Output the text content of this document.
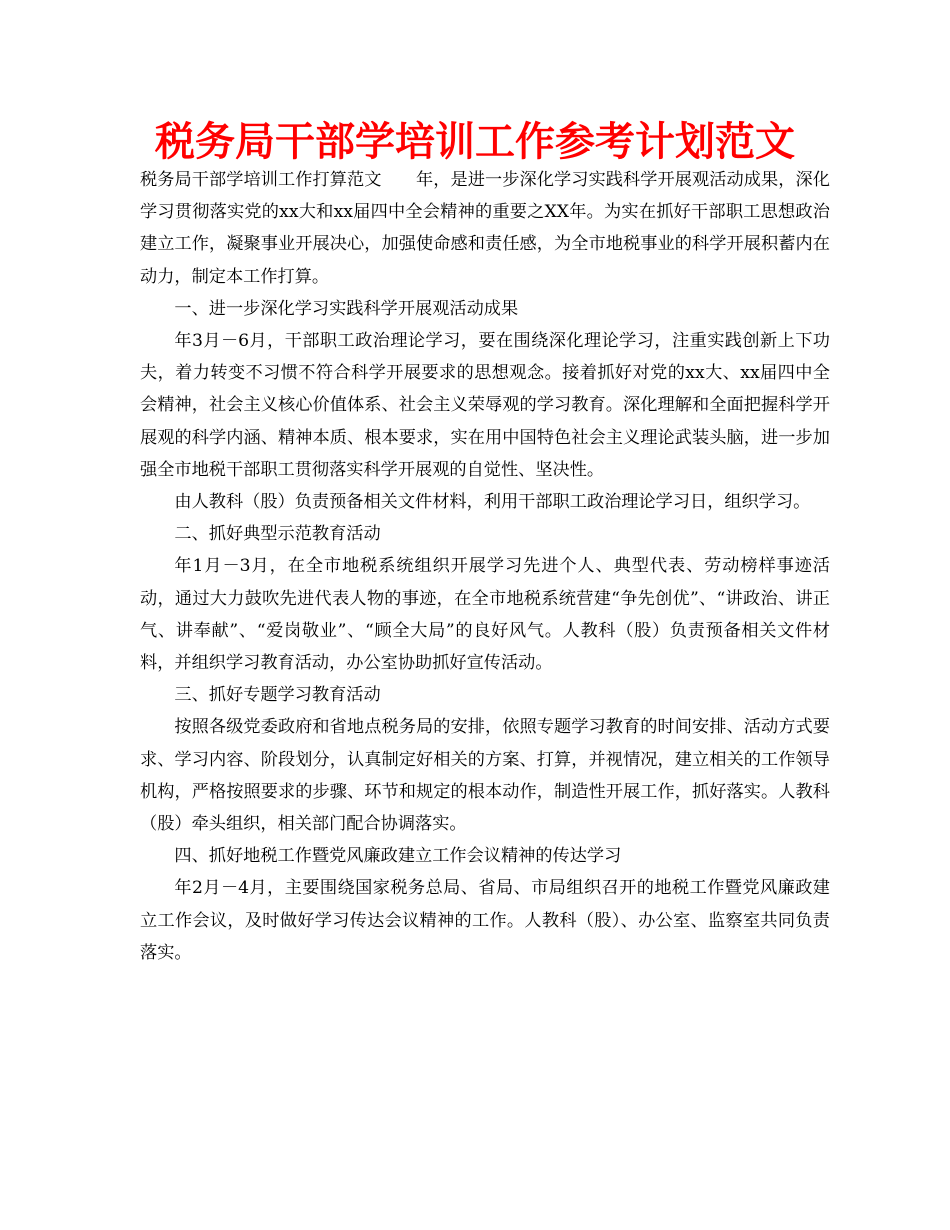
税务局干部学培训工作参考计划范文

税务局干部学培训工作打算范文　　年，是进一步深化学习实践科学开展观活动成果，深化学习贯彻落实党的xx大和xx届四中全会精神的重要之XX年。为实在抓好干部职工思想政治建立工作，凝聚事业开展决心，加强使命感和责任感，为全市地税事业的科学开展积蓄内在动力，制定本工作打算。

一、进一步深化学习实践科学开展观活动成果

年3月－6月，干部职工政治理论学习，要在围绕深化理论学习，注重实践创新上下功夫，着力转变不习惯不符合科学开展要求的思想观念。接着抓好对党的xx大、xx届四中全会精神，社会主义核心价值体系、社会主义荣辱观的学习教育。深化理解和全面把握科学开展观的科学内涵、精神本质、根本要求，实在用中国特色社会主义理论武装头脑，进一步加强全市地税干部职工贯彻落实科学开展观的自觉性、坚决性。

由人教科（股）负责预备相关文件材料，利用干部职工政治理论学习日，组织学习。

二、抓好典型示范教育活动

年1月－3月，在全市地税系统组织开展学习先进个人、典型代表、劳动榜样事迹活动，通过大力鼓吹先进代表人物的事迹，在全市地税系统营建“争先创优”、“讲政治、讲正气、讲奉献”、“爱岗敬业”、“顾全大局”的良好风气。人教科（股）负责预备相关文件材料，并组织学习教育活动，办公室协助抓好宣传活动。

三、抓好专题学习教育活动

按照各级党委政府和省地点税务局的安排，依照专题学习教育的时间安排、活动方式要求、学习内容、阶段划分，认真制定好相关的方案、打算，并视情况，建立相关的工作领导机构，严格按照要求的步骤、环节和规定的根本动作，制造性开展工作，抓好落实。人教科（股）牵头组织，相关部门配合协调落实。

四、抓好地税工作暨党风廉政建立工作会议精神的传达学习

年2月－4月，主要围绕国家税务总局、省局、市局组织召开的地税工作暨党风廉政建立工作会议，及时做好学习传达会议精神的工作。人教科（股）、办公室、监察室共同负责落实。
